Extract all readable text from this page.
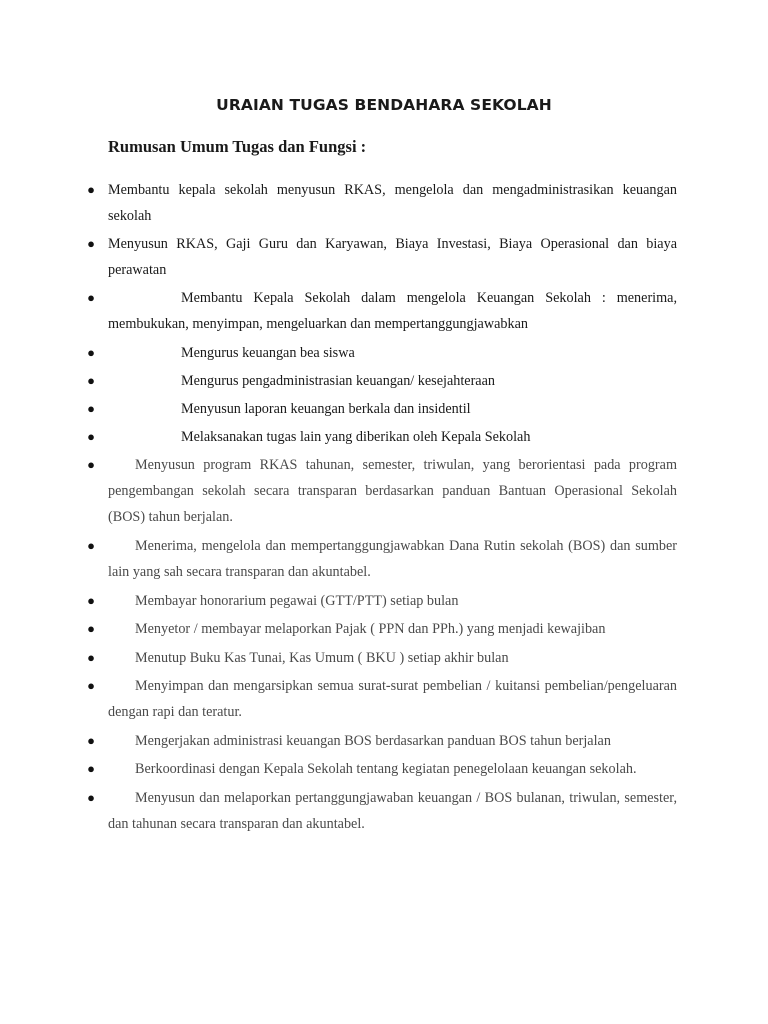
URAIAN TUGAS BENDAHARA SEKOLAH
Rumusan Umum Tugas dan Fungsi :
● Membantu kepala sekolah menyusun RKAS, mengelola dan mengadministrasikan keuangan sekolah
● Menyusun RKAS, Gaji Guru dan Karyawan, Biaya Investasi, Biaya Operasional dan biaya perawatan
●	Membantu Kepala Sekolah dalam mengelola Keuangan Sekolah : menerima, membukukan, menyimpan, mengeluarkan dan mempertanggungjawabkan
●	Mengurus keuangan bea siswa
●	Mengurus pengadministrasian keuangan/ kesejahteraan
●	Menyusun laporan keuangan berkala dan insidentil
●	Melaksanakan tugas lain yang diberikan oleh Kepala Sekolah
●	Menyusun program RKAS tahunan, semester, triwulan, yang berorientasi pada program pengembangan sekolah secara transparan berdasarkan panduan Bantuan Operasional Sekolah (BOS) tahun berjalan.
●	Menerima, mengelola dan mempertanggungjawabkan Dana Rutin sekolah (BOS) dan sumber lain yang sah secara transparan dan akuntabel.
●	Membayar honorarium pegawai (GTT/PTT) setiap bulan
●	Menyetor / membayar melaporkan Pajak ( PPN dan PPh.) yang menjadi kewajiban
●	Menutup Buku Kas Tunai, Kas Umum ( BKU ) setiap akhir bulan
●	Menyimpan dan mengarsipkan semua surat-surat pembelian / kuitansi pembelian/pengeluaran dengan rapi dan teratur.
●	Mengerjakan administrasi keuangan BOS berdasarkan panduan BOS tahun berjalan
●	Berkoordinasi dengan Kepala Sekolah tentang kegiatan penegelolaan keuangan sekolah.
●	Menyusun dan melaporkan pertanggungjawaban keuangan / BOS bulanan, triwulan, semester, dan tahunan secara transparan dan akuntabel.
